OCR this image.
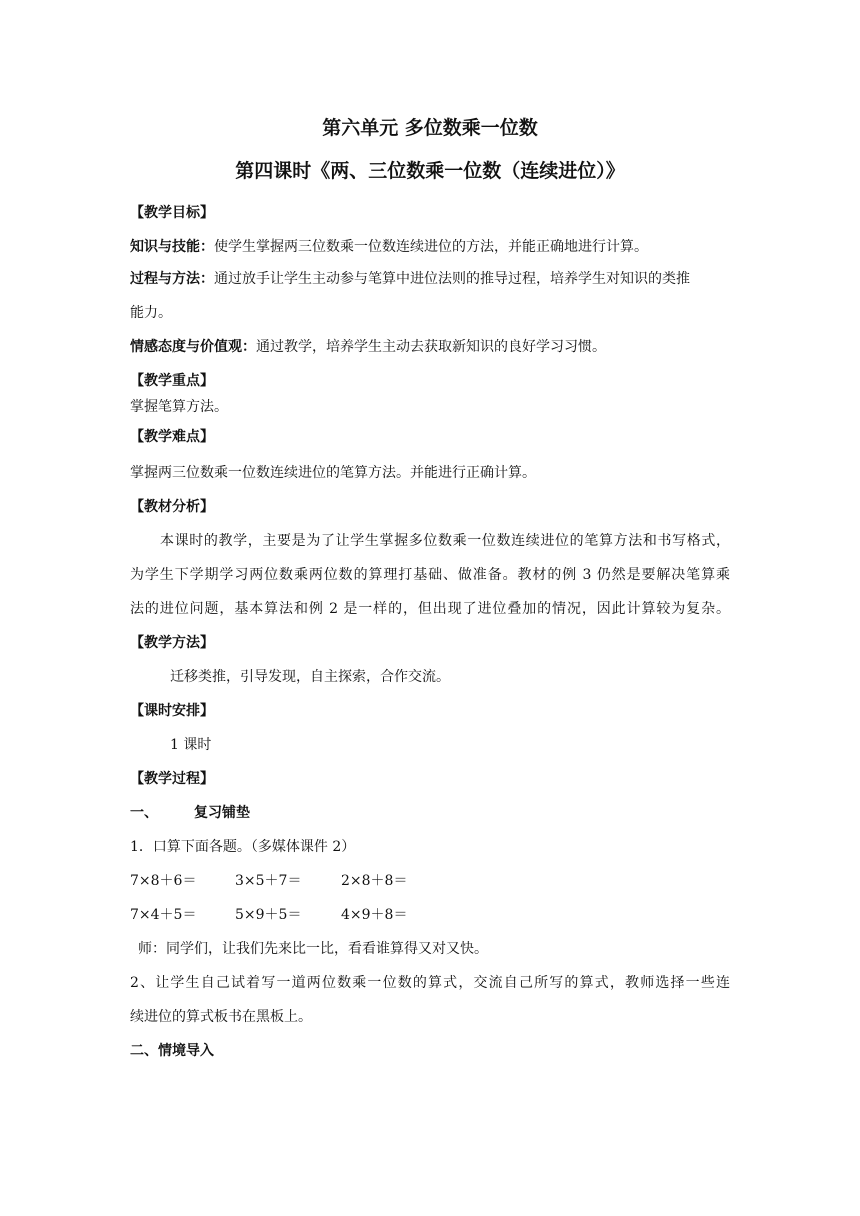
第六单元 多位数乘一位数
第四课时《两、三位数乘一位数（连续进位）》
【教学目标】
知识与技能：使学生掌握两三位数乘一位数连续进位的方法，并能正确地进行计算。
过程与方法：通过放手让学生主动参与笔算中进位法则的推导过程，培养学生对知识的类推
能力。
情感态度与价值观：通过教学，培养学生主动去获取新知识的良好学习习惯。
【教学重点】
掌握笔算方法。
【教学难点】
掌握两三位数乘一位数连续进位的笔算方法。并能进行正确计算。
【教材分析】
本课时的教学，主要是为了让学生掌握多位数乘一位数连续进位的笔算方法和书写格式，
为学生下学期学习两位数乘两位数的算理打基础、做准备。教材的例 3 仍然是要解决笔算乘
法的进位问题，基本算法和例 2 是一样的，但出现了进位叠加的情况，因此计算较为复杂。
【教学方法】
迁移类推，引导发现，自主探索，合作交流。
【课时安排】
1 课时
【教学过程】
一、	复习铺垫
1．口算下面各题。（多媒体课件 2）
7×8＋6＝	3×5＋7＝	2×8＋8＝
7×4＋5＝	5×9＋5＝	4×9＋8＝
师：同学们，让我们先来比一比，看看谁算得又对又快。
2、让学生自己试着写一道两位数乘一位数的算式，交流自己所写的算式，教师选择一些连
续进位的算式板书在黑板上。
二、情境导入
